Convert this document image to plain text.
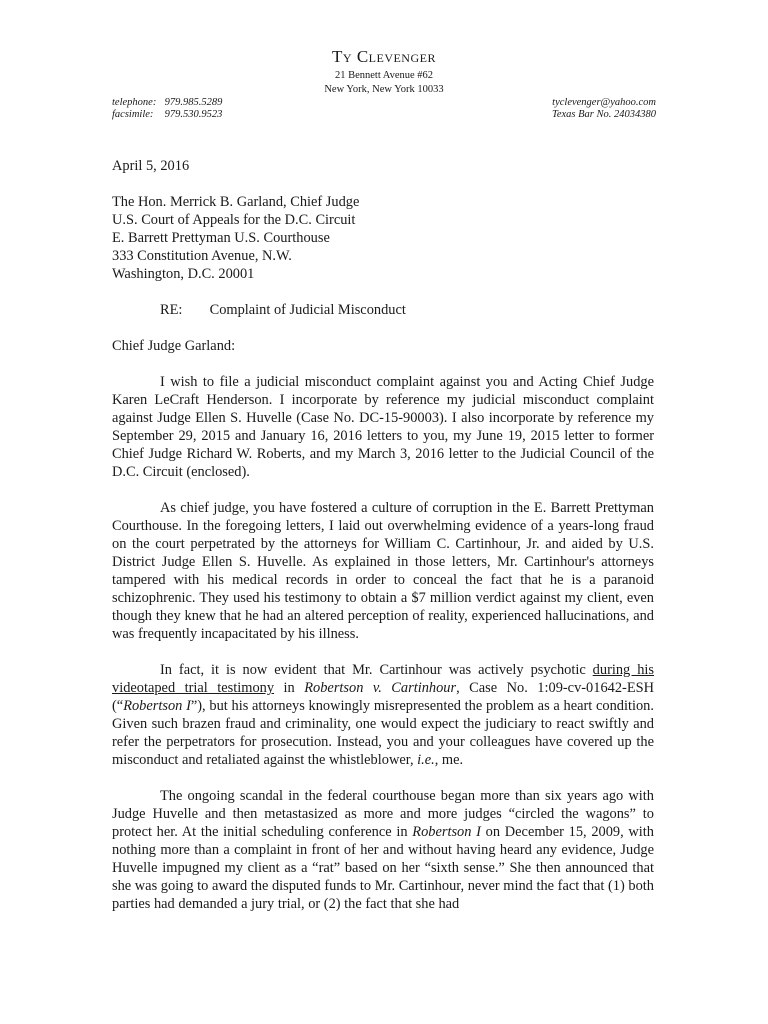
Ty Clevenger
21 Bennett Avenue #62
New York, New York 10033
telephone: 979.985.5289
facsimile: 979.530.9523
tyclevenger@yahoo.com
Texas Bar No. 24034380

April 5, 2016

The Hon. Merrick B. Garland, Chief Judge

U.S. Court of Appeals for the D.C. Circuit

E. Barrett Prettyman U.S. Courthouse

333 Constitution Avenue, N.W.

Washington, D.C. 20001

RE: Complaint of Judicial Misconduct

Chief Judge Garland:

I wish to file a judicial misconduct complaint against you and Acting Chief Judge Karen LeCraft Henderson. I incorporate by reference my judicial misconduct complaint against Judge Ellen S. Huvelle (Case No. DC-15-90003). I also incorporate by reference my September 29, 2015 and January 16, 2016 letters to you, my June 19, 2015 letter to former Chief Judge Richard W. Roberts, and my March 3, 2016 letter to the Judicial Council of the D.C. Circuit (enclosed).

As chief judge, you have fostered a culture of corruption in the E. Barrett Prettyman Courthouse. In the foregoing letters, I laid out overwhelming evidence of a years-long fraud on the court perpetrated by the attorneys for William C. Cartinhour, Jr. and aided by U.S. District Judge Ellen S. Huvelle. As explained in those letters, Mr. Cartinhour's attorneys tampered with his medical records in order to conceal the fact that he is a paranoid schizophrenic. They used his testimony to obtain a $7 million verdict against my client, even though they knew that he had an altered perception of reality, experienced hallucinations, and was frequently incapacitated by his illness.

In fact, it is now evident that Mr. Cartinhour was actively psychotic during his videotaped trial testimony in Robertson v. Cartinhour, Case No. 1:09-cv-01642-ESH (“Robertson I”), but his attorneys knowingly misrepresented the problem as a heart condition. Given such brazen fraud and criminality, one would expect the judiciary to react swiftly and refer the perpetrators for prosecution. Instead, you and your colleagues have covered up the misconduct and retaliated against the whistleblower, i.e., me.

The ongoing scandal in the federal courthouse began more than six years ago with Judge Huvelle and then metastasized as more and more judges “circled the wagons” to protect her. At the initial scheduling conference in Robertson I on December 15, 2009, with nothing more than a complaint in front of her and without having heard any evidence, Judge Huvelle impugned my client as a “rat” based on her “sixth sense.” She then announced that she was going to award the disputed funds to Mr. Cartinhour, never mind the fact that (1) both parties had demanded a jury trial, or (2) the fact that she had
